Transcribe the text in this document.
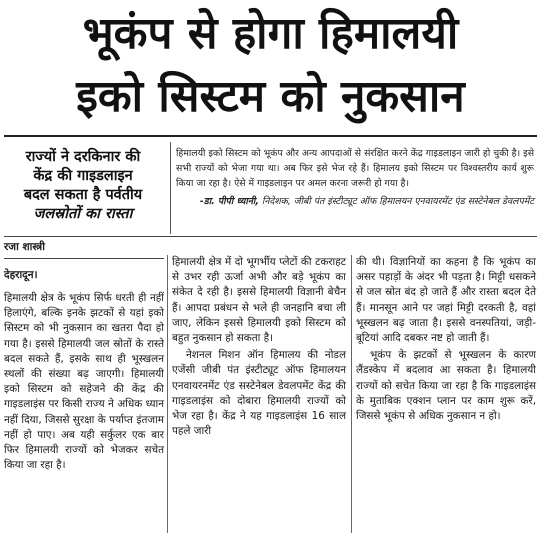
भूकंप से होगा हिमालयी
इको सिस्टम को नुकसान
राज्यों ने दरकिनार की
केंद्र की गाइडलाइन
बदल सकता है पर्वतीय
जलस्रोतों का रास्ता
हिमालयी इको सिस्टम को भूकंप और अन्य आपदाओं से संरक्षित करने केंद्र गाइडलाइन जारी हो चुकी है। इसे सभी राज्यों को भेजा गया था। अब फिर इसे भेज रहे हैं। हिमालय इको सिस्टम पर विश्वस्तरीय कार्य शुरू किया जा रहा है। ऐसे में गाइडलाइन पर अमल करना जरूरी हो गया है।
-डा. पीपी ध्यानी, निदेशक, जीबी पंत इंस्टीट्यूट ऑफ हिमालयन एनवायरमेंट एंड सस्टेनेबल डेवलपमेंट
रजा शास्त्री
देहरादून।

हिमालयी क्षेत्र के भूकंप सिर्फ धरती ही नहीं हिलाएंगे, बल्कि इनके झटकों से यहां इको सिस्टम को भी नुकसान का खतरा पैदा हो गया है। इससे हिमालयी जल स्रोतों के रास्ते बदल सकते हैं, इसके साथ ही भूस्खलन स्थलों की संख्या बढ़ जाएगी। हिमालयी इको सिस्टम को सहेजने की केंद्र की गाइडलाइंस पर किसी राज्य ने अधिक ध्यान नहीं दिया, जिससे सुरक्षा के पर्याप्त इंतजाम नहीं हो पाए। अब यही सर्कुलर एक बार फिर हिमालयी राज्यों को भेजकर सचेत किया जा रहा है।

हिमालयी क्षेत्र में दो भूगर्भीय प्लेटों की टकराहट से उभर रही ऊर्जा अभी और बड़े भूकंप का संकेत दे रही है। इससे हिमालयी विज्ञानी बेचैन हैं। आपदा प्रबंधन से भले ही जनहानि बचा ली जाए, लेकिन इससे हिमालयी इको सिस्टम को बहुत नुकसान हो सकता है।

नेशनल मिशन ऑन हिमालय की नोडल एजेंसी जीबी पंत इंस्टीट्यूट ऑफ हिमालयन एनवायरनमेंट एंड सस्टेनेबल डेवलपमेंट केंद्र की गाइडलाइंस को दोबारा हिमालयी राज्यों को भेज रहा है। केंद्र ने यह गाइडलाइंस 16 साल पहले जारी

की थी। विज्ञानियों का कहना है कि भूकंप का असर पहाड़ों के अंदर भी पड़ता है। मिट्टी धसकने से जल स्रोत बंद हो जाते हैं और रास्ता बदल देते हैं। मानसून आने पर जहां मिट्टी दरकती है, वहां भूस्खलन बढ़ जाता है। इससे वनस्पतियां, जड़ी-बूटियां आदि दबकर नष्ट हो जाती हैं।

भूकंप के झटकों से भूस्खलन के कारण लैंडस्केप में बदलाव आ सकता है। हिमालयी राज्यों को सचेत किया जा रहा है कि गाइडलाइंस के मुताबिक एक्शन प्लान पर काम शुरू करें, जिससे भूकंप से अधिक नुकसान न हो।
